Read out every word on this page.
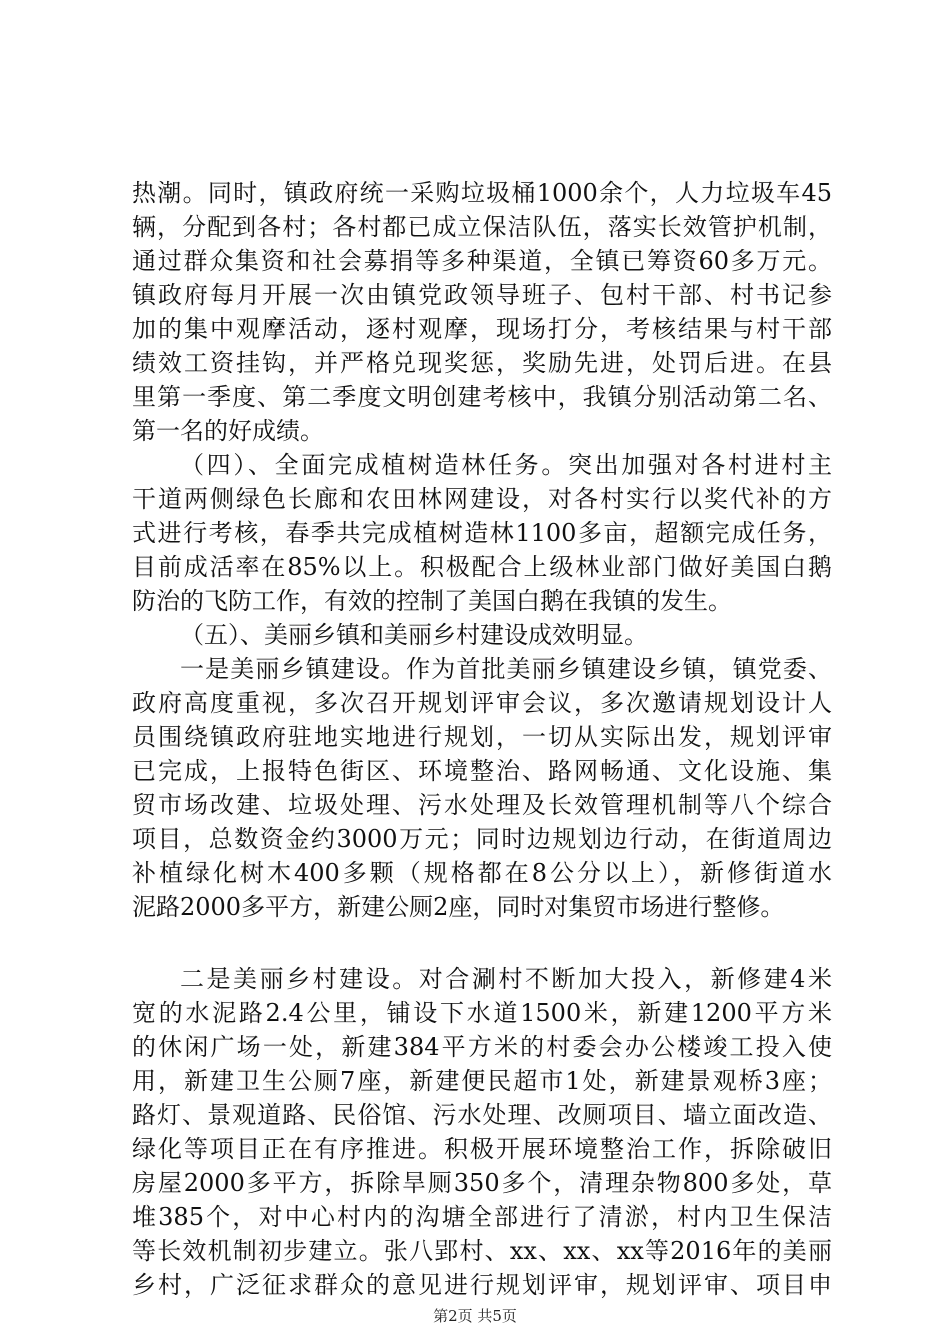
热潮。同时，镇政府统一采购垃圾桶1000余个，人力垃圾车45
辆，分配到各村；各村都已成立保洁队伍，落实长效管护机制，
通过群众集资和社会募捐等多种渠道，全镇已筹资60多万元。
镇政府每月开展一次由镇党政领导班子、包村干部、村书记参
加的集中观摩活动，逐村观摩，现场打分，考核结果与村干部
绩效工资挂钩，并严格兑现奖惩，奖励先进，处罚后进。在县
里第一季度、第二季度文明创建考核中，我镇分别活动第二名、
第一名的好成绩。
（四）、全面完成植树造林任务。突出加强对各村进村主
干道两侧绿色长廊和农田林网建设，对各村实行以奖代补的方
式进行考核，春季共完成植树造林1100多亩，超额完成任务，
目前成活率在85%以上。积极配合上级林业部门做好美国白鹅
防治的飞防工作，有效的控制了美国白鹅在我镇的发生。
（五）、美丽乡镇和美丽乡村建设成效明显。
一是美丽乡镇建设。作为首批美丽乡镇建设乡镇，镇党委、
政府高度重视，多次召开规划评审会议，多次邀请规划设计人
员围绕镇政府驻地实地进行规划，一切从实际出发，规划评审
已完成，上报特色街区、环境整治、路网畅通、文化设施、集
贸市场改建、垃圾处理、污水处理及长效管理机制等八个综合
项目，总数资金约3000万元；同时边规划边行动，在街道周边
补植绿化树木400多颗（规格都在8公分以上），新修街道水
泥路2000多平方，新建公厕2座，同时对集贸市场进行整修。
二是美丽乡村建设。对合涮村不断加大投入，新修建4米
宽的水泥路2.4公里，铺设下水道1500米，新建1200平方米
的休闲广场一处，新建384平方米的村委会办公楼竣工投入使
用，新建卫生公厕7座，新建便民超市1处，新建景观桥3座；
路灯、景观道路、民俗馆、污水处理、改厕项目、墙立面改造、
绿化等项目正在有序推进。积极开展环境整治工作，拆除破旧
房屋2000多平方，拆除旱厕350多个，清理杂物800多处，草
堆385个，对中心村内的沟塘全部进行了清淤，村内卫生保洁
等长效机制初步建立。张八郢村、xx、xx、xx等2016年的美丽
乡村，广泛征求群众的意见进行规划评审，规划评审、项目申
第2页 共5页
